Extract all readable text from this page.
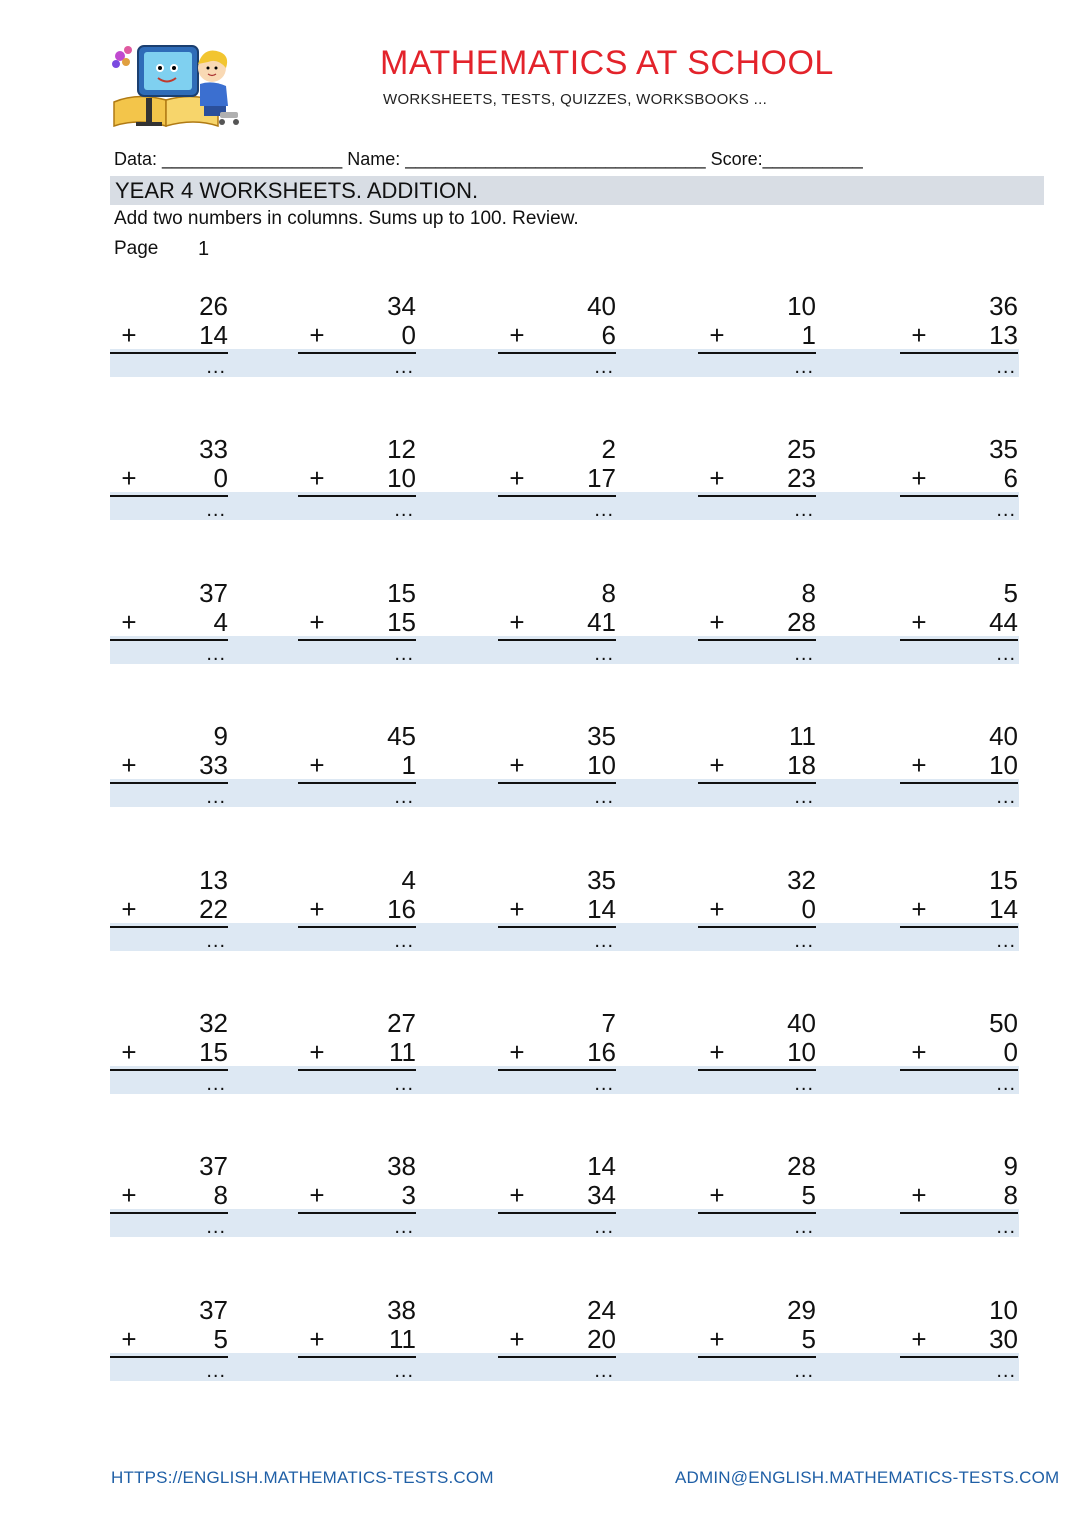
MATHEMATICS AT SCHOOL
WORKSHEETS, TESTS, QUIZZES, WORKSBOOKS ...
Data: __________________ Name: ______________________________ Score:__________
YEAR 4 WORKSHEETS. ADDITION.
Add two numbers in columns. Sums up to 100. Review.
Page 1
26
+	14
...
34
+	0
...
40
+	6
...
10
+	1
...
36
+	13
...
33
+	0
...
12
+	10
...
2
+	17
...
25
+	23
...
35
+	6
...
37
+	4
...
15
+	15
...
8
+	41
...
8
+	28
...
5
+	44
...
9
+	33
...
45
+	1
...
35
+	10
...
11
+	18
...
40
+	10
...
13
+	22
...
4
+	16
...
35
+	14
...
32
+	0
...
15
+	14
...
32
+	15
...
27
+	11
...
7
+	16
...
40
+	10
...
50
+	0
...
37
+	8
...
38
+	3
...
14
+	34
...
28
+	5
...
9
+	8
...
37
+	5
...
38
+	11
...
24
+	20
...
29
+	5
...
10
+	30
...
HTTPS://ENGLISH.MATHEMATICS-TESTS.COM	ADMIN@ENGLISH.MATHEMATICS-TESTS.COM
